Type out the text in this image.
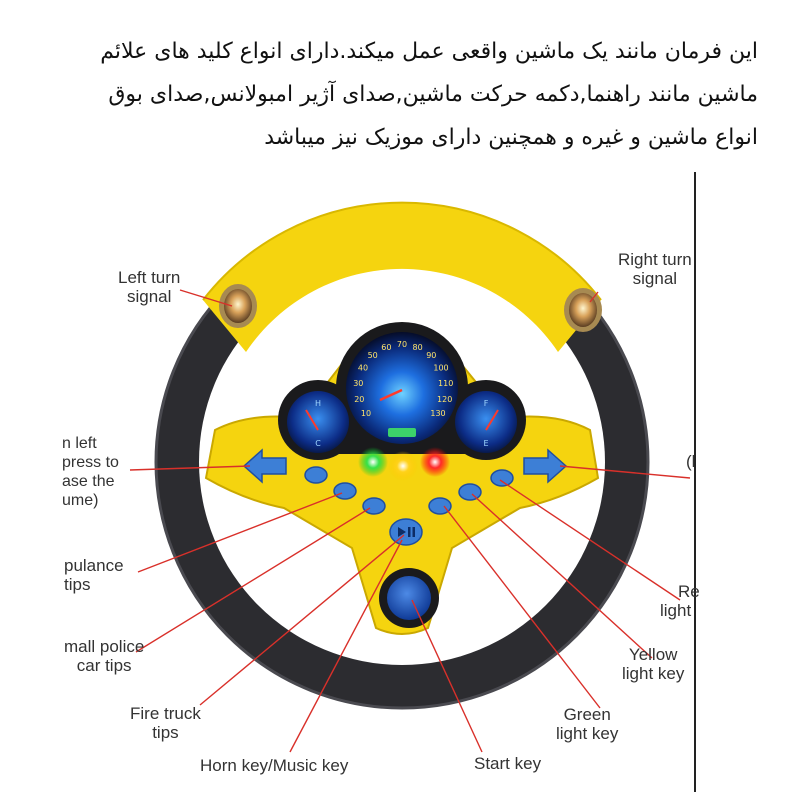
این فرمان مانند یک ماشین واقعی عمل میکند.دارای انواع کلید های علائم
ماشین مانند راهنما,دکمه حرکت ماشین,صدای آژیر امبولانس,صدای بوق
انواع ماشین و غیره و همچنین دارای موزیک نیز میباشد
10
20
30
40
50
60 70 80
90
100
110
120
130
H
C
F
E
Left turn
signal
Right turn
signal
n left
press to
ase the
ume)
(l
pulance
tips
mall police
car tips
Fire truck
tips
Horn key/Music key	Start key
Green
light key
Yellow
light key
Re
light
